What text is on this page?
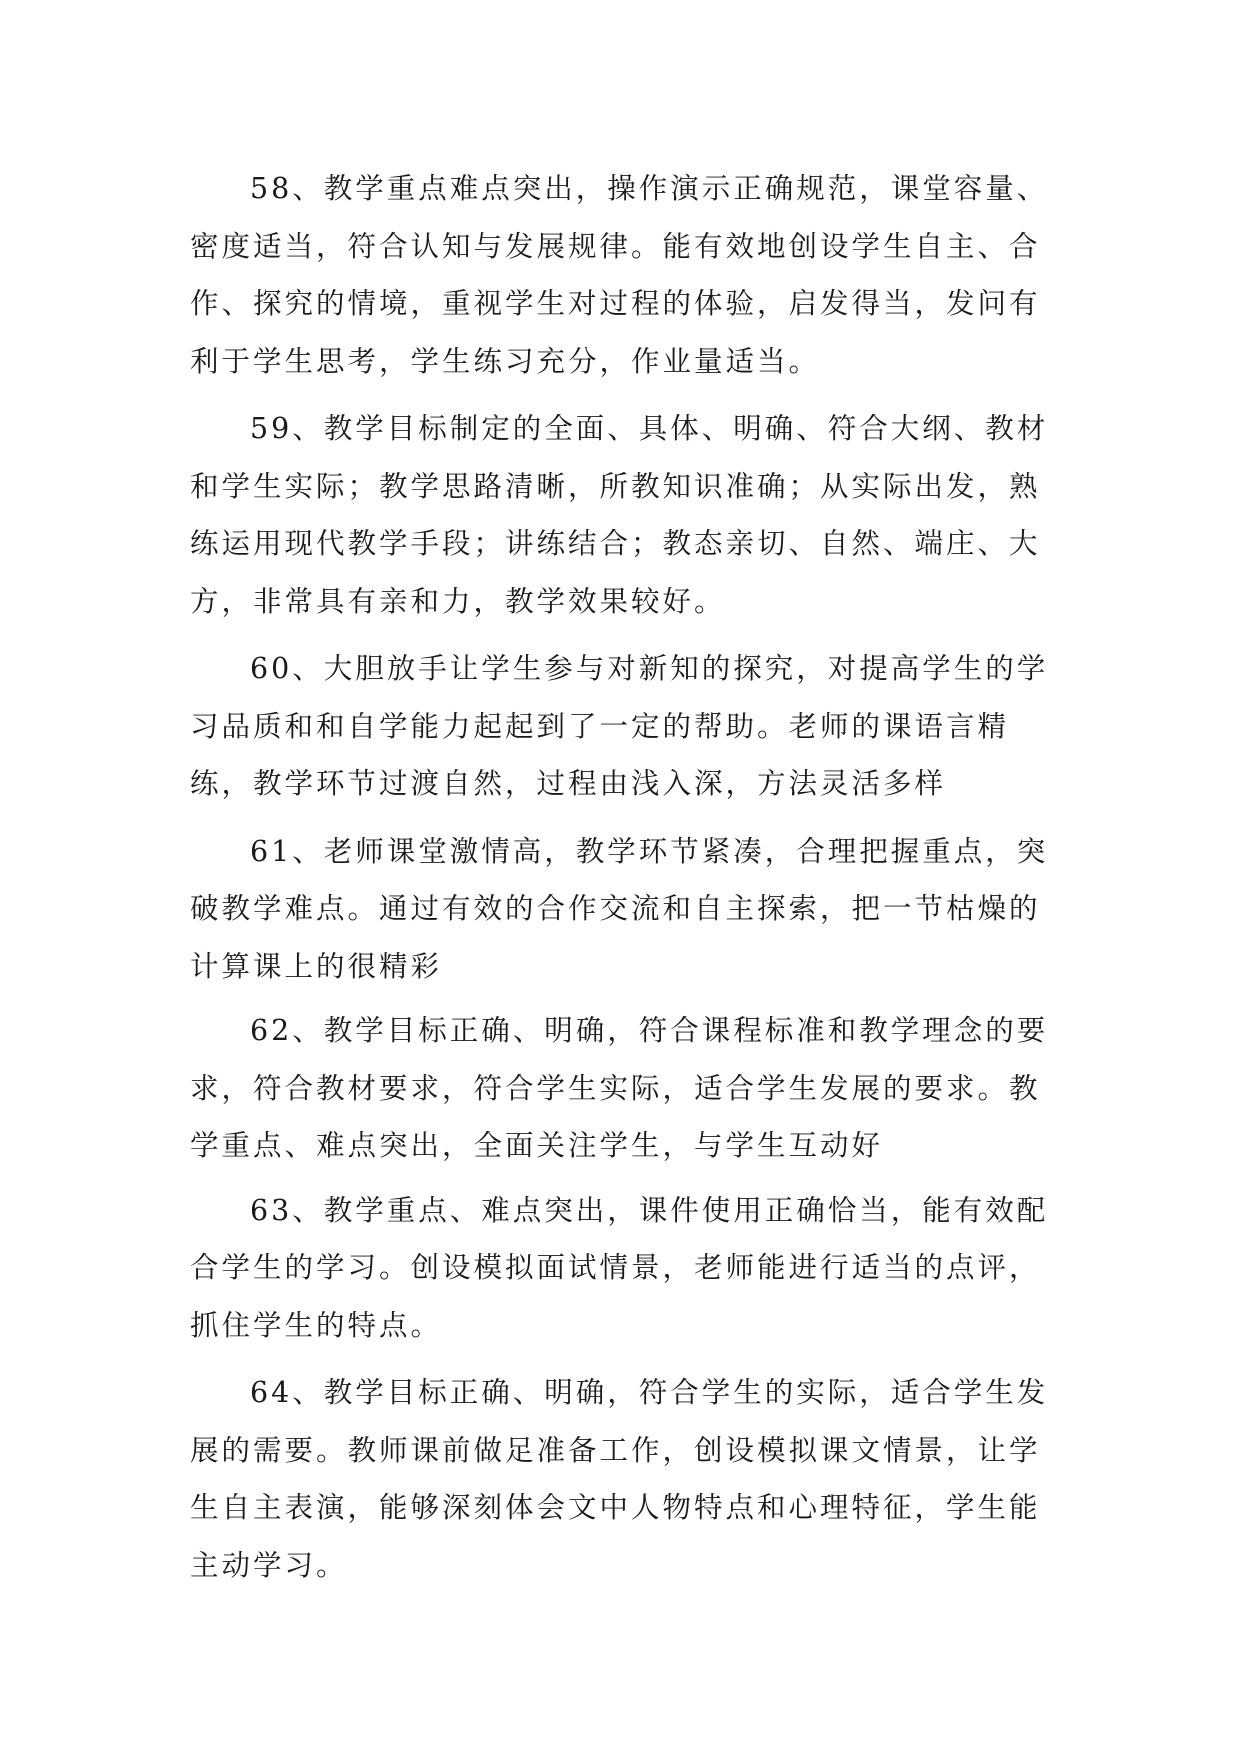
58、教学重点难点突出，操作演示正确规范，课堂容量、密度适当，符合认知与发展规律。能有效地创设学生自主、合作、探究的情境，重视学生对过程的体验，启发得当，发问有利于学生思考，学生练习充分，作业量适当。

59、教学目标制定的全面、具体、明确、符合大纲、教材和学生实际；教学思路清晰，所教知识准确；从实际出发，熟练运用现代教学手段；讲练结合；教态亲切、自然、端庄、大方，非常具有亲和力，教学效果较好。

60、大胆放手让学生参与对新知的探究，对提高学生的学习品质和和自学能力起起到了一定的帮助。老师的课语言精练，教学环节过渡自然，过程由浅入深，方法灵活多样

61、老师课堂激情高，教学环节紧凑，合理把握重点，突破教学难点。通过有效的合作交流和自主探索，把一节枯燥的计算课上的很精彩

62、教学目标正确、明确，符合课程标准和教学理念的要求，符合教材要求，符合学生实际，适合学生发展的要求。教学重点、难点突出，全面关注学生，与学生互动好

63、教学重点、难点突出，课件使用正确恰当，能有效配合学生的学习。创设模拟面试情景，老师能进行适当的点评，抓住学生的特点。

64、教学目标正确、明确，符合学生的实际，适合学生发展的需要。教师课前做足准备工作，创设模拟课文情景，让学生自主表演，能够深刻体会文中人物特点和心理特征，学生能主动学习。
